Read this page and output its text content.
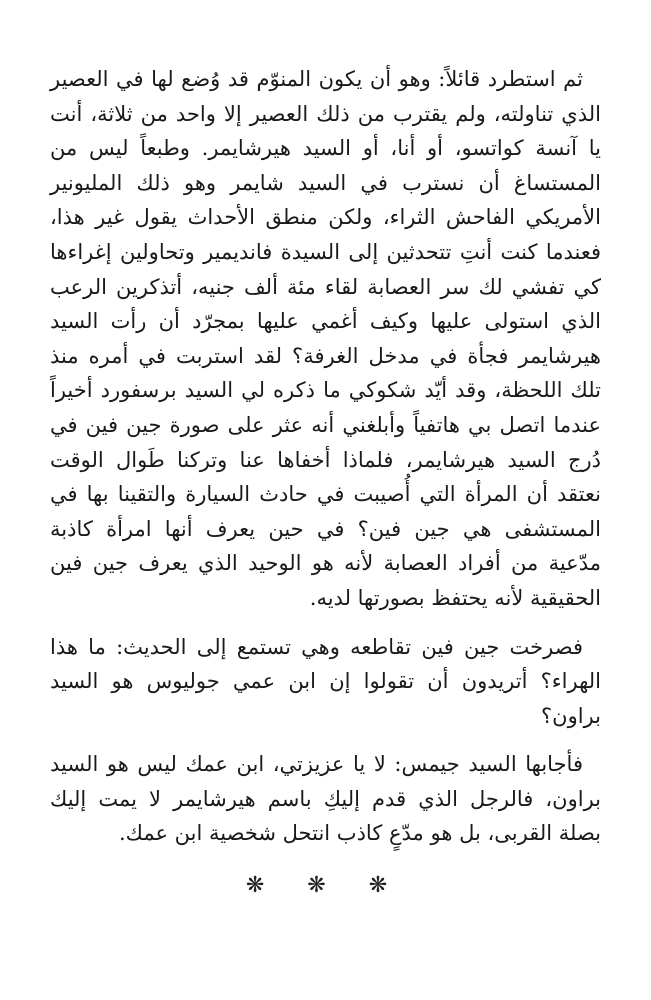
ثم استطرد قائلاً: وهو أن يكون المنوّم قد وُضع لها في العصير الذي تناولته، ولم يقترب من ذلك العصير إلا واحد من ثلاثة، أنت يا آنسة كواتسو، أو أنا، أو السيد هيرشايمر. وطبعاً ليس من المستساغ أن نسترب في السيد شايمر وهو ذلك المليونير الأمريكي الفاحش الثراء، ولكن منطق الأحداث يقول غير هذا، فعندما كنت أنتِ تتحدثين إلى السيدة فانديمير وتحاولين إغراءها كي تفشي لك سر العصابة لقاء مئة ألف جنيه، أتذكرين الرعب الذي استولى عليها وكيف أغمي عليها بمجرّد أن رأت السيد هيرشايمر فجأة في مدخل الغرفة؟ لقد استربت في أمره منذ تلك اللحظة، وقد أيّد شكوكي ما ذكره لي السيد برسفورد أخيراً عندما اتصل بي هاتفياً وأبلغني أنه عثر على صورة جين فين في دُرج السيد هيرشايمر، فلماذا أخفاها عنا وتركنا طَوال الوقت نعتقد أن المرأة التي أُصيبت في حادث السيارة والتقينا بها في المستشفى هي جين فين؟ في حين يعرف أنها امرأة كاذبة مدّعية من أفراد العصابة لأنه هو الوحيد الذي يعرف جين فين الحقيقية لأنه يحتفظ بصورتها لديه.

فصرخت جين فين تقاطعه وهي تستمع إلى الحديث: ما هذا الهراء؟ أتريدون أن تقولوا إن ابن عمي جوليوس هو السيد براون؟

فأجابها السيد جيمس: لا يا عزيزتي، ابن عمك ليس هو السيد براون، فالرجل الذي قدم إليكِ باسم هيرشايمر لا يمت إليك بصلة القربى، بل هو مدّعٍ كاذب انتحل شخصية ابن عمك.

❋ ❋ ❋
